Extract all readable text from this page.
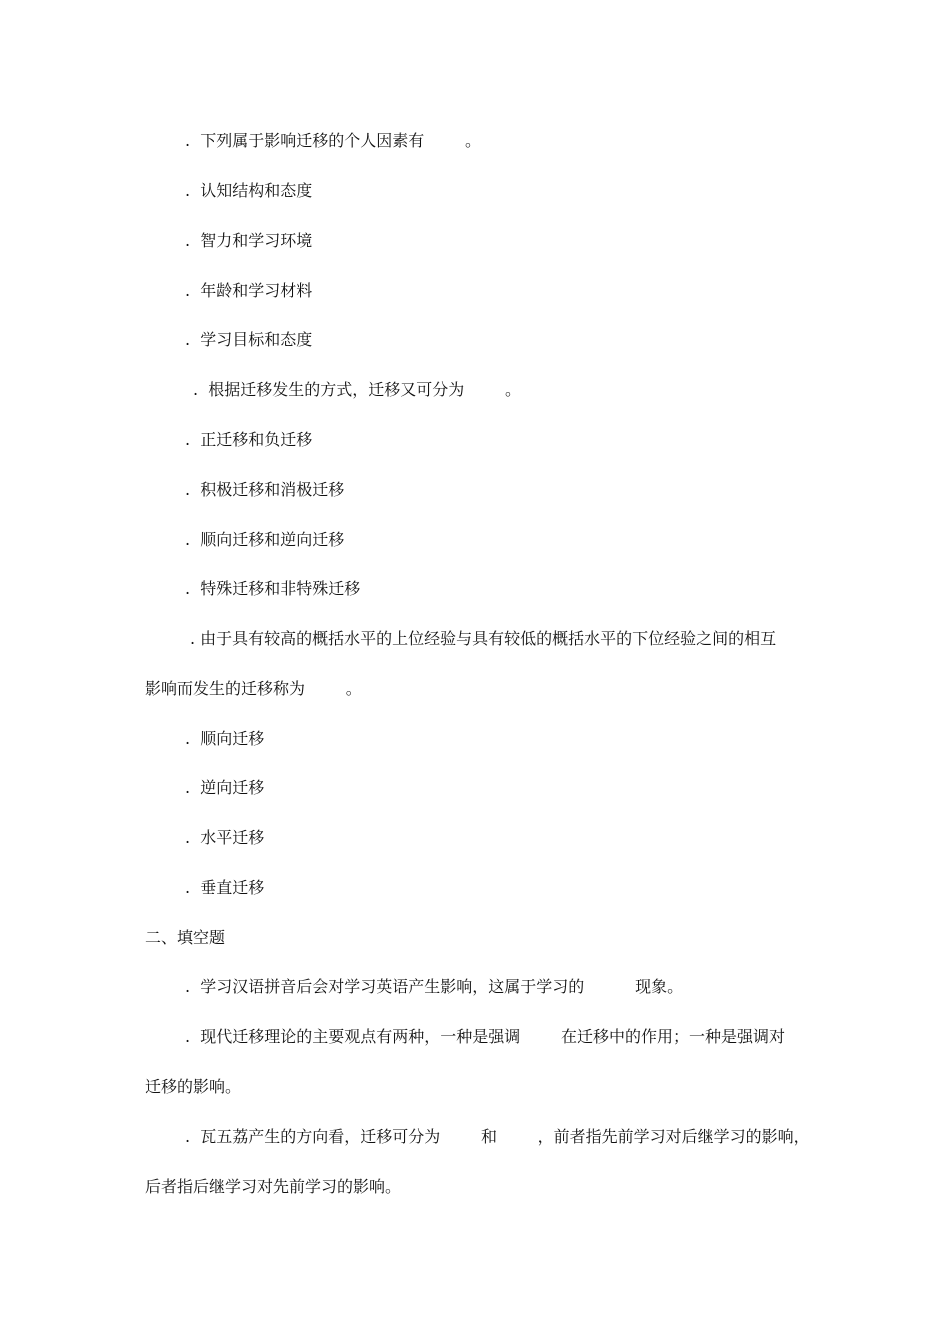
.  下列属于影响迁移的个人因素有        。
.  认知结构和态度
.  智力和学习环境
.  年龄和学习材料
.  学习目标和态度
.  根据迁移发生的方式，迁移又可分为        。
.  正迁移和负迁移
.  积极迁移和消极迁移
.  顺向迁移和逆向迁移
.  特殊迁移和非特殊迁移
. 由于具有较高的概括水平的上位经验与具有较低的概括水平的下位经验之间的相互
影响而发生的迁移称为        。
.  顺向迁移
.  逆向迁移
.  水平迁移
.  垂直迁移
二、填空题
.  学习汉语拼音后会对学习英语产生影响，这属于学习的          现象。
.  现代迁移理论的主要观点有两种，一种是强调        在迁移中的作用；一种是强调对
迁移的影响。
.  瓦五荔产生的方向看，迁移可分为        和        ，前者指先前学习对后继学习的影响，
后者指后继学习对先前学习的影响。
